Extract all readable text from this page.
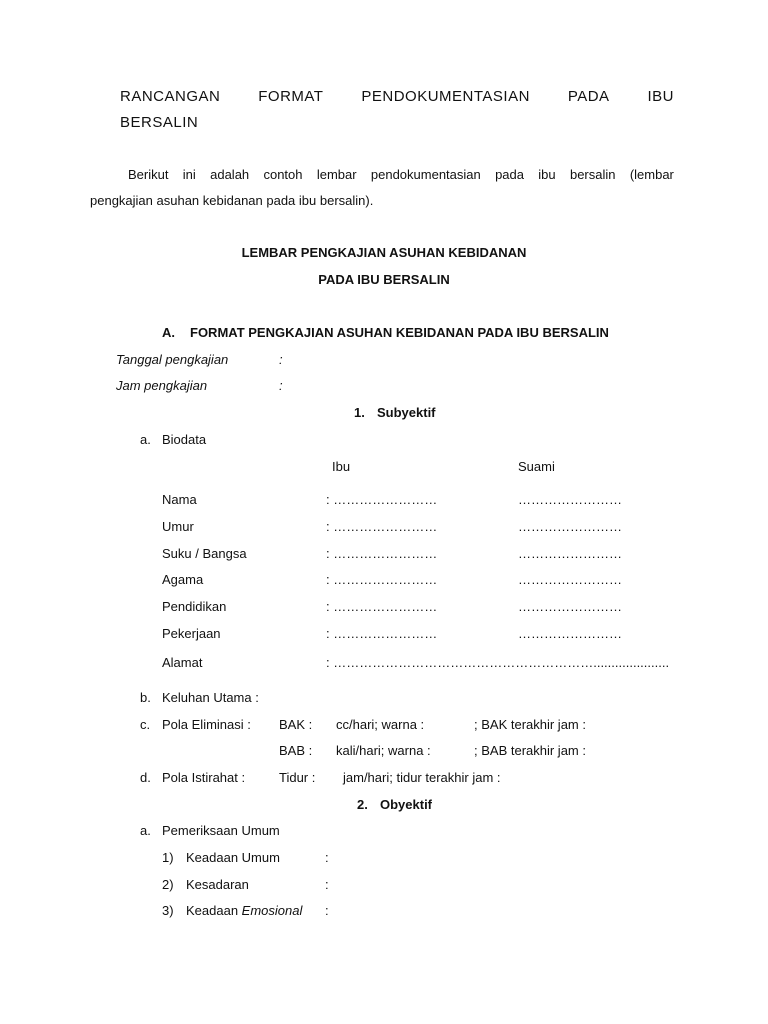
RANCANGAN	FORMAT	PENDOKUMENTASIAN	PADA	IBU
BERSALIN
Berikut ini adalah contoh lembar pendokumentasian pada ibu bersalin (lembar
pengkajian asuhan kebidanan pada ibu bersalin).
LEMBAR PENGKAJIAN ASUHAN KEBIDANAN
PADA IBU BERSALIN
A. FORMAT PENGKAJIAN ASUHAN KEBIDANAN PADA IBU BERSALIN
Tanggal pengkajian	:
Jam pengkajian	:
1. Subyektif
a. Biodata
Ibu	Suami
Nama	: ……………………	……………………
Umur	: ……………………	……………………
Suku / Bangsa	: ……………………	……………………
Agama	: ……………………	……………………
Pendidikan	: ……………………	……………………
Pekerjaan	: ……………………	……………………
Alamat	: …………………………………………………….....................
b. Keluhan Utama :
c. Pola Eliminasi : BAK : cc/hari; warna :	; BAK terakhir jam :
BAB : kali/hari; warna :	; BAB terakhir jam :
d. Pola Istirahat :	Tidur : jam/hari; tidur terakhir jam :
2. Obyektif
a. Pemeriksaan Umum
1) Keadaan Umum	:
2) Kesadaran	:
3) Keadaan Emosional :
